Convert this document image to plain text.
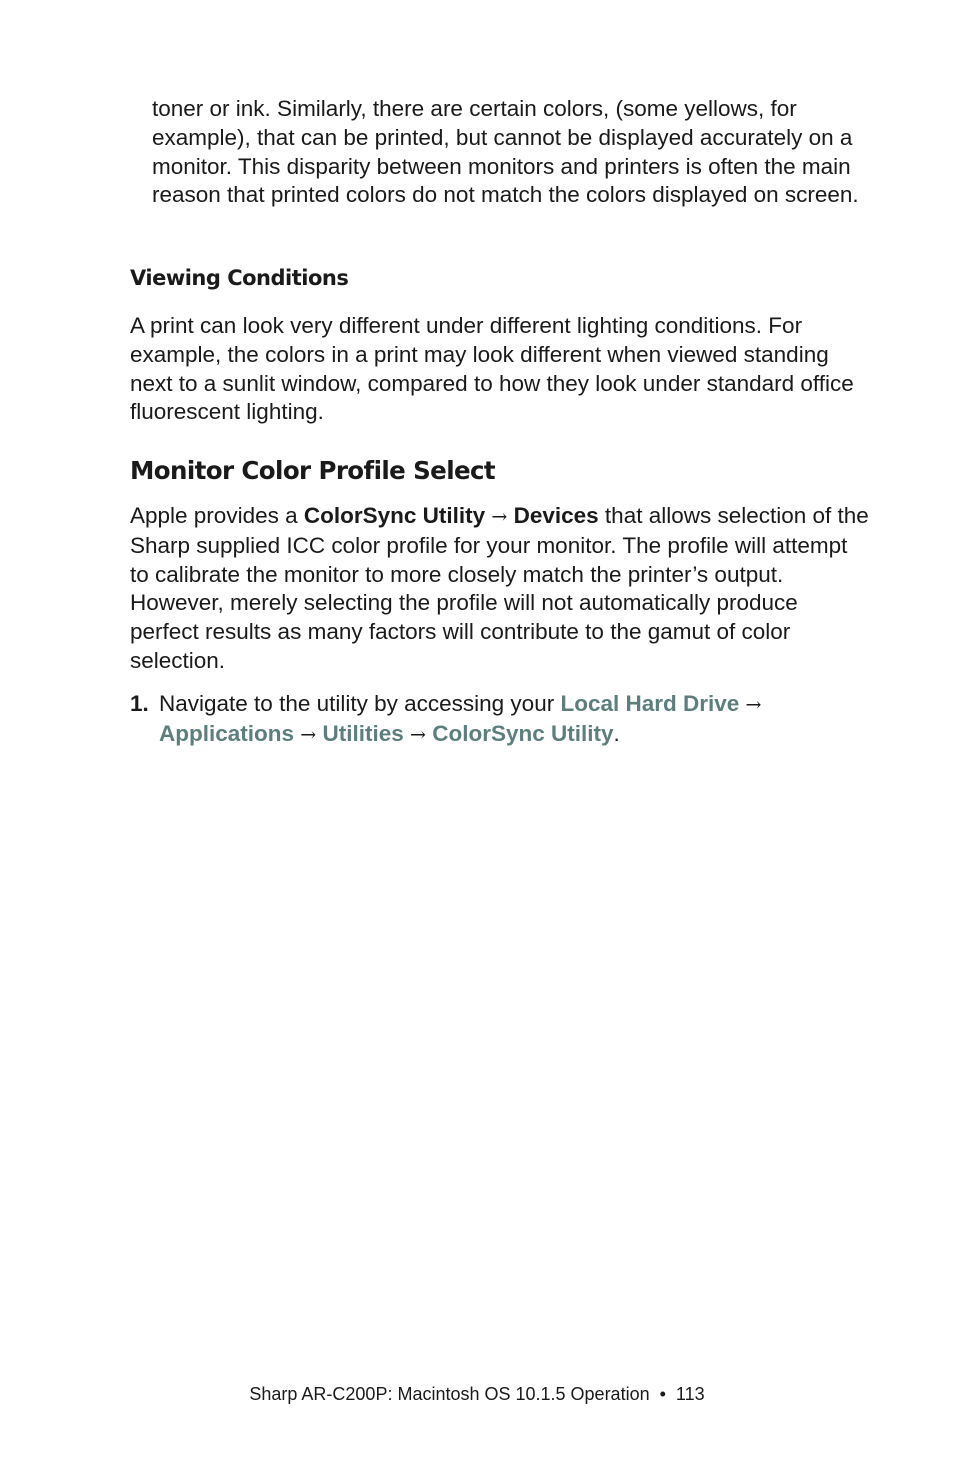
toner or ink. Similarly, there are certain colors, (some yellows, for example), that can be printed, but cannot be displayed accurately on a monitor. This disparity between monitors and printers is often the main reason that printed colors do not match the colors displayed on screen.

Viewing Conditions

A print can look very different under different lighting conditions. For example, the colors in a print may look different when viewed standing next to a sunlit window, compared to how they look under standard office fluorescent lighting.

Monitor Color Profile Select

Apple provides a ColorSync Utility → Devices that allows selection of the Sharp supplied ICC color profile for your monitor. The profile will attempt to calibrate the monitor to more closely match the printer’s output. However, merely selecting the profile will not automatically produce perfect results as many factors will contribute to the gamut of color selection.

1. Navigate to the utility by accessing your Local Hard Drive →
Applications → Utilities → ColorSync Utility.
Sharp AR-C200P: Macintosh OS 10.1.5 Operation  •  113
